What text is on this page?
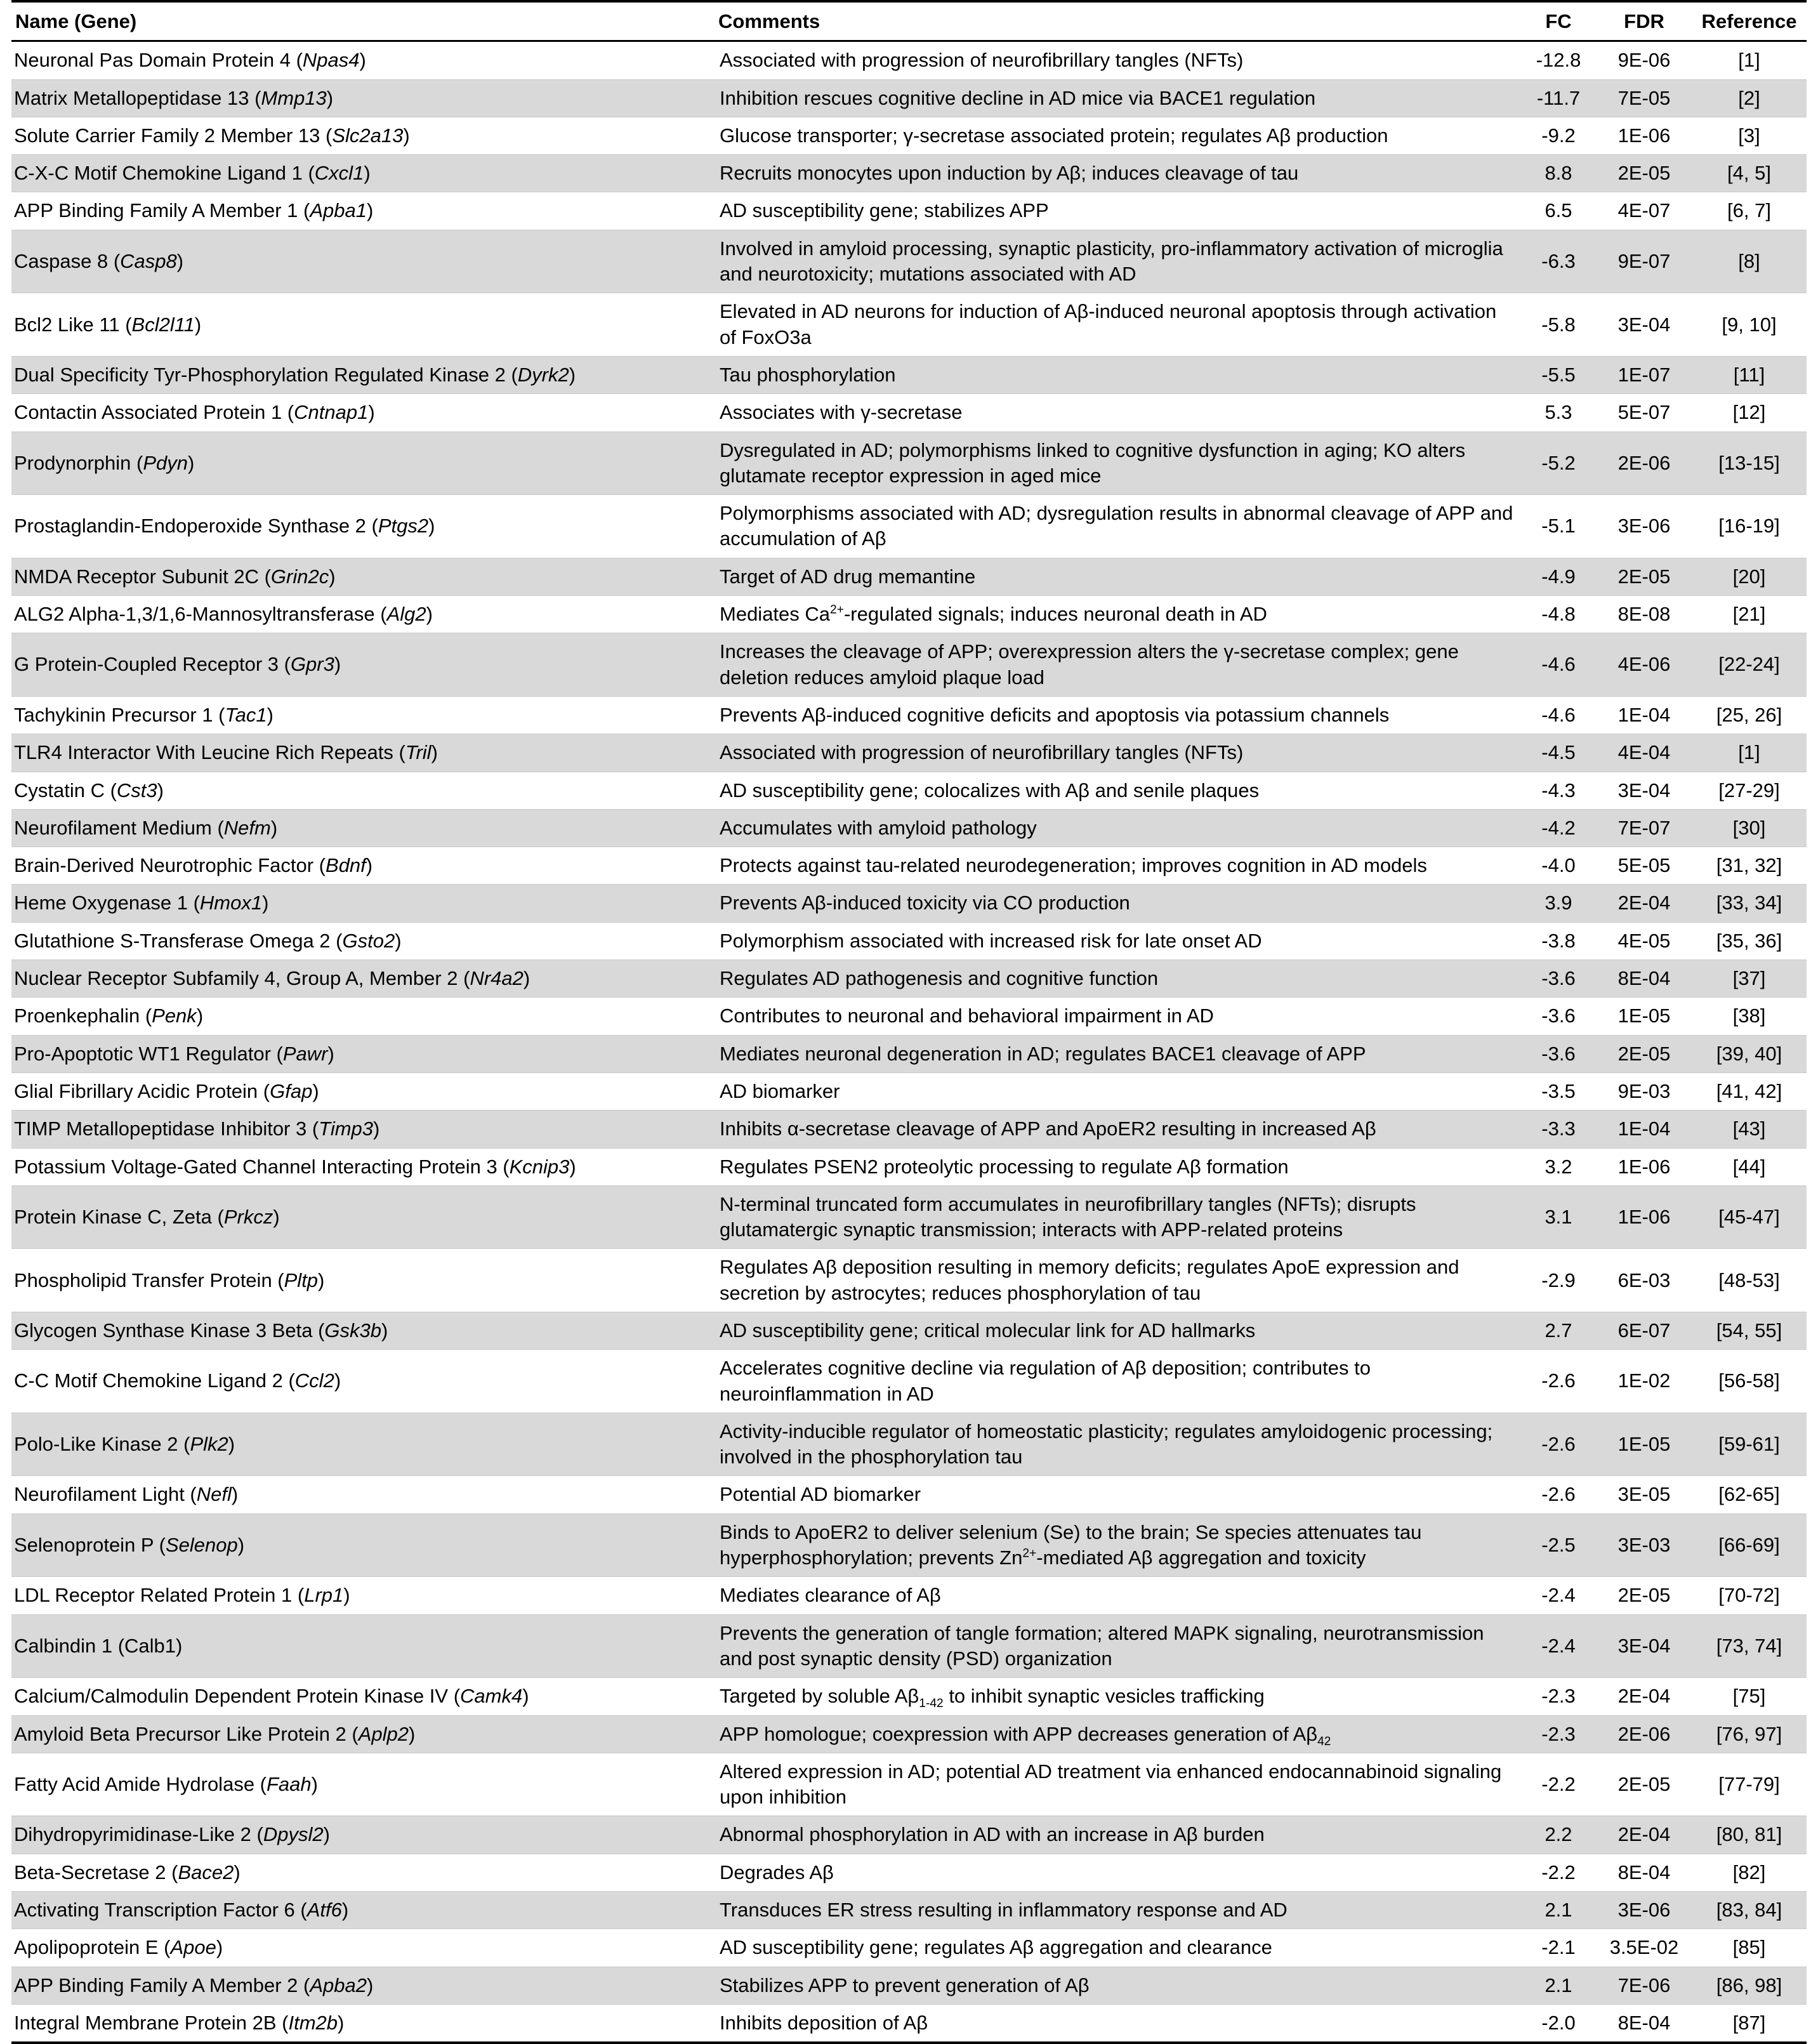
Name (Gene)	Comments	FC	FDR	Reference
Neuronal Pas Domain Protein 4 (Npas4)	Associated with progression of neurofibrillary tangles (NFTs)	-12.8	9E-06	[1]
Matrix Metallopeptidase 13 (Mmp13)	Inhibition rescues cognitive decline in AD mice via BACE1 regulation	-11.7	7E-05	[2]
Solute Carrier Family 2 Member 13 (Slc2a13)	Glucose transporter; γ-secretase associated protein; regulates Aβ production	-9.2	1E-06	[3]
C-X-C Motif Chemokine Ligand 1 (Cxcl1)	Recruits monocytes upon induction by Aβ; induces cleavage of tau	8.8	2E-05	[4, 5]
APP Binding Family A Member 1 (Apba1)	AD susceptibility gene; stabilizes APP	6.5	4E-07	[6, 7]
Caspase 8 (Casp8)	Involved in amyloid processing, synaptic plasticity, pro-inflammatory activation of microglia and neurotoxicity; mutations associated with AD	-6.3	9E-07	[8]
Bcl2 Like 11 (Bcl2l11)	Elevated in AD neurons for induction of Aβ-induced neuronal apoptosis through activation of FoxO3a	-5.8	3E-04	[9, 10]
Dual Specificity Tyr-Phosphorylation Regulated Kinase 2 (Dyrk2)	Tau phosphorylation	-5.5	1E-07	[11]
Contactin Associated Protein 1 (Cntnap1)	Associates with γ-secretase	5.3	5E-07	[12]
Prodynorphin (Pdyn)	Dysregulated in AD; polymorphisms linked to cognitive dysfunction in aging; KO alters glutamate receptor expression in aged mice	-5.2	2E-06	[13-15]
Prostaglandin-Endoperoxide Synthase 2 (Ptgs2)	Polymorphisms associated with AD; dysregulation results in abnormal cleavage of APP and accumulation of Aβ	-5.1	3E-06	[16-19]
NMDA Receptor Subunit 2C (Grin2c)	Target of AD drug memantine	-4.9	2E-05	[20]
ALG2 Alpha-1,3/1,6-Mannosyltransferase (Alg2)	Mediates $Ca^{2+}$-regulated signals; induces neuronal death in AD	-4.8	8E-08	[21]
G Protein-Coupled Receptor 3 (Gpr3)	Increases the cleavage of APP; overexpression alters the γ-secretase complex; gene deletion reduces amyloid plaque load	-4.6	4E-06	[22-24]
Tachykinin Precursor 1 (Tac1)	Prevents Aβ-induced cognitive deficits and apoptosis via potassium channels	-4.6	1E-04	[25, 26]
TLR4 Interactor With Leucine Rich Repeats (Tril)	Associated with progression of neurofibrillary tangles (NFTs)	-4.5	4E-04	[1]
Cystatin C (Cst3)	AD susceptibility gene; colocalizes with Aβ and senile plaques	-4.3	3E-04	[27-29]
Neurofilament Medium (Nefm)	Accumulates with amyloid pathology	-4.2	7E-07	[30]
Brain-Derived Neurotrophic Factor (Bdnf)	Protects against tau-related neurodegeneration; improves cognition in AD models	-4.0	5E-05	[31, 32]
Heme Oxygenase 1 (Hmox1)	Prevents Aβ-induced toxicity via CO production	3.9	2E-04	[33, 34]
Glutathione S-Transferase Omega 2 (Gsto2)	Polymorphism associated with increased risk for late onset AD	-3.8	4E-05	[35, 36]
Nuclear Receptor Subfamily 4, Group A, Member 2 (Nr4a2)	Regulates AD pathogenesis and cognitive function	-3.6	8E-04	[37]
Proenkephalin (Penk)	Contributes to neuronal and behavioral impairment in AD	-3.6	1E-05	[38]
Pro-Apoptotic WT1 Regulator (Pawr)	Mediates neuronal degeneration in AD; regulates BACE1 cleavage of APP	-3.6	2E-05	[39, 40]
Glial Fibrillary Acidic Protein (Gfap)	AD biomarker	-3.5	9E-03	[41, 42]
TIMP Metallopeptidase Inhibitor 3 (Timp3)	Inhibits α-secretase cleavage of APP and ApoER2 resulting in increased Aβ	-3.3	1E-04	[43]
Potassium Voltage-Gated Channel Interacting Protein 3 (Kcnip3)	Regulates PSEN2 proteolytic processing to regulate Aβ formation	3.2	1E-06	[44]
Protein Kinase C, Zeta (Prkcz)	N-terminal truncated form accumulates in neurofibrillary tangles (NFTs); disrupts glutamatergic synaptic transmission; interacts with APP-related proteins	3.1	1E-06	[45-47]
Phospholipid Transfer Protein (Pltp)	Regulates Aβ deposition resulting in memory deficits; regulates ApoE expression and secretion by astrocytes; reduces phosphorylation of tau	-2.9	6E-03	[48-53]
Glycogen Synthase Kinase 3 Beta (Gsk3b)	AD susceptibility gene; critical molecular link for AD hallmarks	2.7	6E-07	[54, 55]
C-C Motif Chemokine Ligand 2 (Ccl2)	Accelerates cognitive decline via regulation of Aβ deposition; contributes to neuroinflammation in AD	-2.6	1E-02	[56-58]
Polo-Like Kinase 2 (Plk2)	Activity-inducible regulator of homeostatic plasticity; regulates amyloidogenic processing; involved in the phosphorylation tau	-2.6	1E-05	[59-61]
Neurofilament Light (Nefl)	Potential AD biomarker	-2.6	3E-05	[62-65]
Selenoprotein P (Selenop)	Binds to ApoER2 to deliver selenium (Se) to the brain; Se species attenuates tau hyperphosphorylation; prevents $Zn^{2+}$-mediated Aβ aggregation and toxicity	-2.5	3E-03	[66-69]
LDL Receptor Related Protein 1 (Lrp1)	Mediates clearance of Aβ	-2.4	2E-05	[70-72]
Calbindin 1 (Calb1)	Prevents the generation of tangle formation; altered MAPK signaling, neurotransmission and post synaptic density (PSD) organization	-2.4	3E-04	[73, 74]
Calcium/Calmodulin Dependent Protein Kinase IV (Camk4)	Targeted by soluble $A\beta_{1-42}$ to inhibit synaptic vesicles trafficking	-2.3	2E-04	[75]
Amyloid Beta Precursor Like Protein 2 (Aplp2)	APP homologue; coexpression with APP decreases generation of $A\beta_{42}$	-2.3	2E-06	[76, 97]
Fatty Acid Amide Hydrolase (Faah)	Altered expression in AD; potential AD treatment via enhanced endocannabinoid signaling upon inhibition	-2.2	2E-05	[77-79]
Dihydropyrimidinase-Like 2 (Dpysl2)	Abnormal phosphorylation in AD with an increase in Aβ burden	2.2	2E-04	[80, 81]
Beta-Secretase 2 (Bace2)	Degrades Aβ	-2.2	8E-04	[82]
Activating Transcription Factor 6 (Atf6)	Transduces ER stress resulting in inflammatory response and AD	2.1	3E-06	[83, 84]
Apolipoprotein E (Apoe)	AD susceptibility gene; regulates Aβ aggregation and clearance	-2.1	3.5E-02	[85]
APP Binding Family A Member 2 (Apba2)	Stabilizes APP to prevent generation of Aβ	2.1	7E-06	[86, 98]
Integral Membrane Protein 2B (Itm2b)	Inhibits deposition of Aβ	-2.0	8E-04	[87]
